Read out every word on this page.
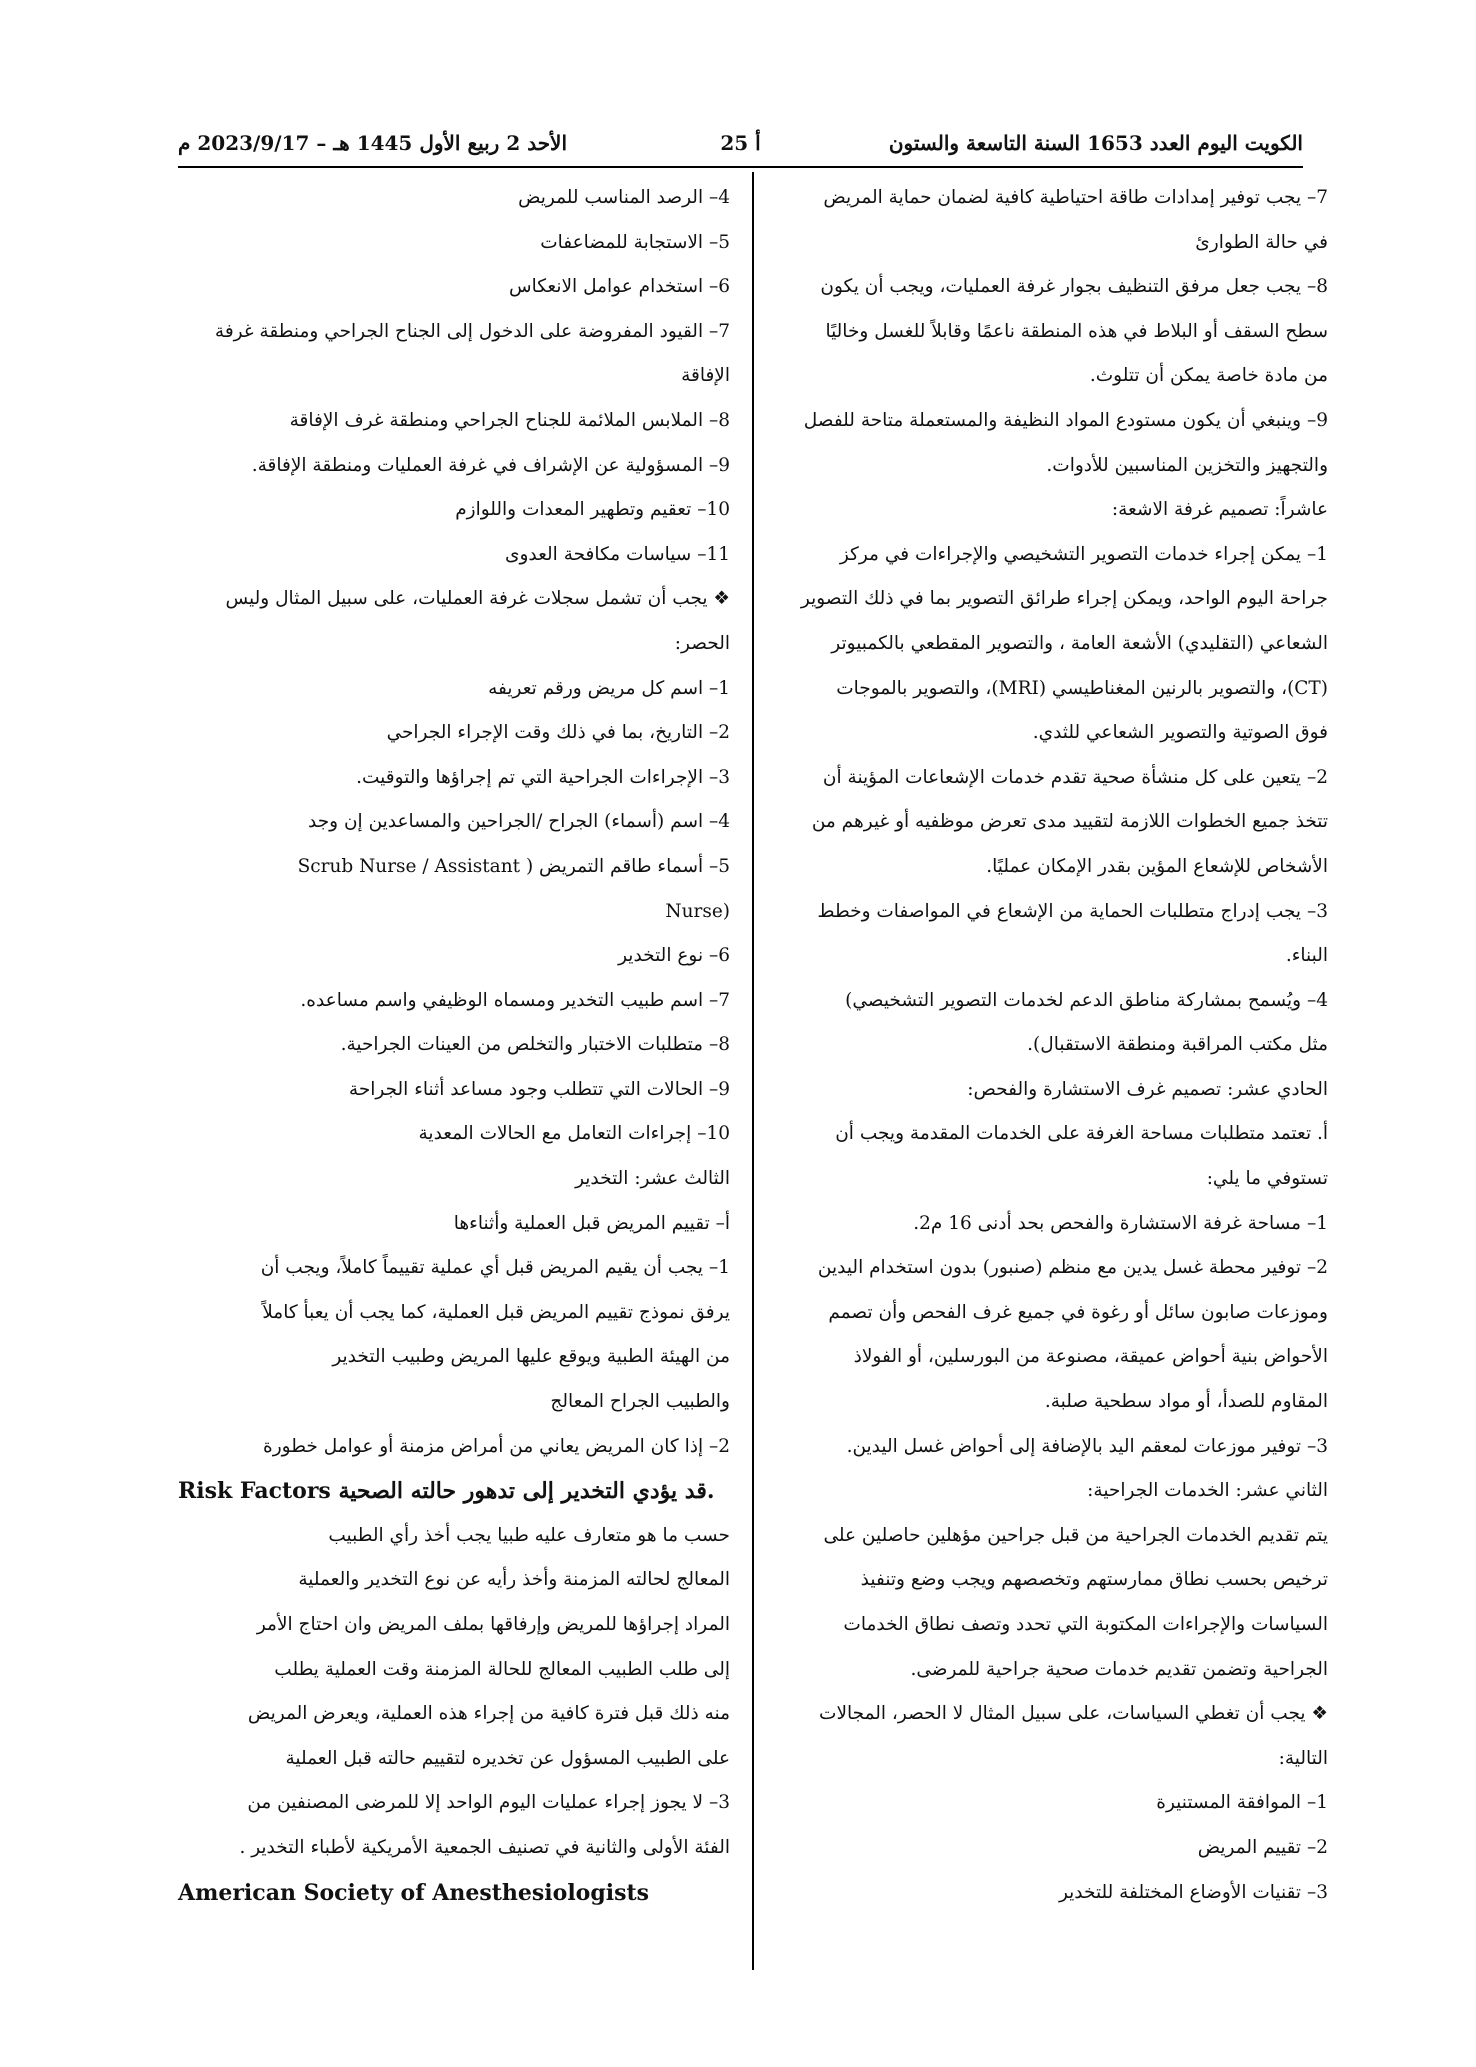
الكويت اليوم العدد 1653 السنة التاسعة والستون
أ 25
الأحد 2 ربيع الأول 1445 هـ – 2023/9/17 م

7– يجب توفير إمدادات طاقة احتياطية كافية لضمان حماية المريض

في حالة الطوارئ

8– يجب جعل مرفق التنظيف بجوار غرفة العمليات، ويجب أن يكون

سطح السقف أو البلاط في هذه المنطقة ناعمًا وقابلاً للغسل وخاليًا

من مادة خاصة يمكن أن تتلوث.

9– وينبغي أن يكون مستودع المواد النظيفة والمستعملة متاحة للفصل

والتجهيز والتخزين المناسبين للأدوات.

عاشراً: تصميم غرفة الاشعة:

1– يمكن إجراء خدمات التصوير التشخيصي والإجراءات في مركز

جراحة اليوم الواحد، ويمكن إجراء طرائق التصوير بما في ذلك التصوير

الشعاعي (التقليدي) الأشعة العامة ، والتصوير المقطعي بالكمبيوتر

(CT)، والتصوير بالرنين المغناطيسي (MRI)، والتصوير بالموجات

فوق الصوتية والتصوير الشعاعي للثدي.

2– يتعين على كل منشأة صحية تقدم خدمات الإشعاعات المؤينة أن

تتخذ جميع الخطوات اللازمة لتقييد مدى تعرض موظفيه أو غيرهم من

الأشخاص للإشعاع المؤين بقدر الإمكان عمليًا.

3– يجب إدراج متطلبات الحماية من الإشعاع في المواصفات وخطط

البناء.

4– ويُسمح بمشاركة مناطق الدعم لخدمات التصوير التشخيصي)

مثل مكتب المراقبة ومنطقة الاستقبال).

الحادي عشر: تصميم غرف الاستشارة والفحص:

أ. تعتمد متطلبات مساحة الغرفة على الخدمات المقدمة ويجب أن

تستوفي ما يلي:

1– مساحة غرفة الاستشارة والفحص بحد أدنى 16 م2.

2– توفير محطة غسل يدين مع منظم (صنبور) بدون استخدام اليدين

وموزعات صابون سائل أو رغوة في جميع غرف الفحص وأن تصمم

الأحواض بنية أحواض عميقة، مصنوعة من البورسلين، أو الفولاذ

المقاوم للصدأ، أو مواد سطحية صلبة.

3– توفير موزعات لمعقم اليد بالإضافة إلى أحواض غسل اليدين.

الثاني عشر: الخدمات الجراحية:

يتم تقديم الخدمات الجراحية من قبل جراحين مؤهلين حاصلين على

ترخيص بحسب نطاق ممارستهم وتخصصهم ويجب وضع وتنفيذ

السياسات والإجراءات المكتوبة التي تحدد وتصف نطاق الخدمات

الجراحية وتضمن تقديم خدمات صحية جراحية للمرضى.

❖ يجب أن تغطي السياسات، على سبيل المثال لا الحصر، المجالات

التالية:

1– الموافقة المستنيرة

2– تقييم المريض

3– تقنيات الأوضاع المختلفة للتخدير

4– الرصد المناسب للمريض

5– الاستجابة للمضاعفات

6– استخدام عوامل الانعكاس

7– القيود المفروضة على الدخول إلى الجناح الجراحي ومنطقة غرفة

الإفاقة

8– الملابس الملائمة للجناح الجراحي ومنطقة غرف الإفاقة

9– المسؤولية عن الإشراف في غرفة العمليات ومنطقة الإفاقة.

10– تعقيم وتطهير المعدات واللوازم

11– سياسات مكافحة العدوى

❖ يجب أن تشمل سجلات غرفة العمليات، على سبيل المثال وليس

الحصر:

1– اسم كل مريض ورقم تعريفه

2– التاريخ، بما في ذلك وقت الإجراء الجراحي

3– الإجراءات الجراحية التي تم إجراؤها والتوقيت.

4– اسم (أسماء) الجراح /الجراحين والمساعدين إن وجد

5– أسماء طاقم التمريض ( Scrub Nurse / Assistant

(Nurse

6– نوع التخدير

7– اسم طبيب التخدير ومسماه الوظيفي واسم مساعده.

8– متطلبات الاختبار والتخلص من العينات الجراحية.

9– الحالات التي تتطلب وجود مساعد أثناء الجراحة

10– إجراءات التعامل مع الحالات المعدية

الثالث عشر: التخدير

أ– تقييم المريض قبل العملية وأثناءها

1– يجب أن يقيم المريض قبل أي عملية تقييماً كاملاً، ويجب أن

يرفق نموذج تقييم المريض قبل العملية، كما يجب أن يعبأ كاملاً

من الهيئة الطبية ويوقع عليها المريض وطبيب التخدير

والطبيب الجراح المعالج

2– إذا كان المريض يعاني من أمراض مزمنة أو عوامل خطورة

Risk Factors قد يؤدي التخدير إلى تدهور حالته الصحية.

حسب ما هو متعارف عليه طبيا يجب أخذ رأي الطبيب

المعالج لحالته المزمنة وأخذ رأيه عن نوع التخدير والعملية

المراد إجراؤها للمريض وإرفاقها بملف المريض وان احتاج الأمر

إلى طلب الطبيب المعالج للحالة المزمنة وقت العملية يطلب

منه ذلك قبل فترة كافية من إجراء هذه العملية، ويعرض المريض

على الطبيب المسؤول عن تخديره لتقييم حالته قبل العملية

3– لا يجوز إجراء عمليات اليوم الواحد إلا للمرضى المصنفين من

الفئة الأولى والثانية في تصنيف الجمعية الأمريكية لأطباء التخدير .

American Society of Anesthesiologists
